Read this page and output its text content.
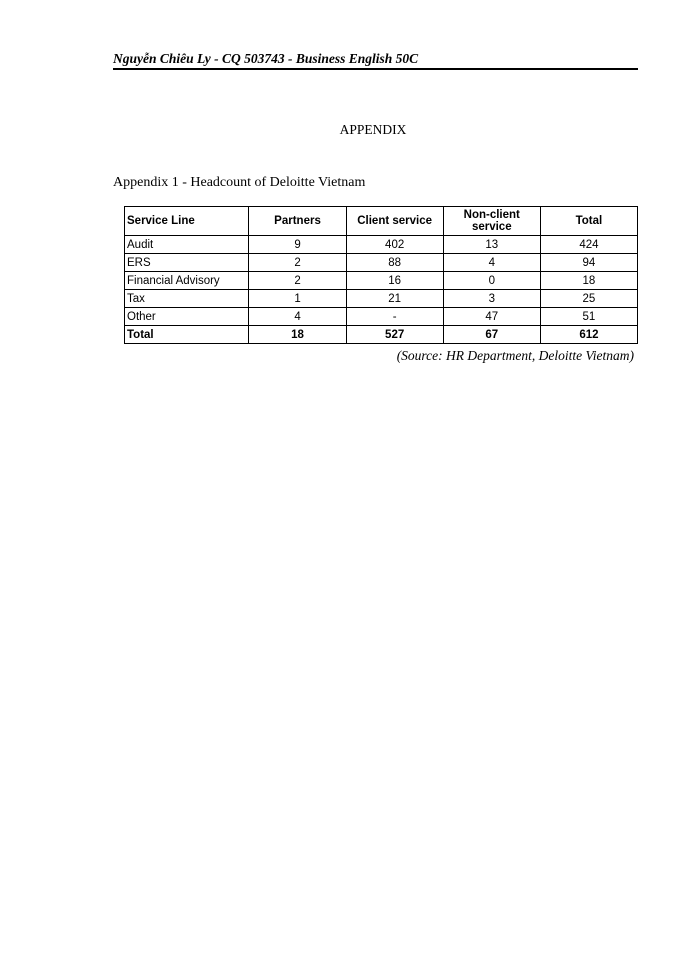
Nguyễn Chiêu Ly - CQ 503743 - Business English 50C
APPENDIX
Appendix 1 - Headcount of Deloitte Vietnam
Service Line	Partners	Client service	Non-client service	Total
Audit	9	402	13	424
ERS	2	88	4	94
Financial Advisory	2	16	0	18
Tax	1	21	3	25
Other	4	-	47	51
Total	18	527	67	612
(Source: HR Department, Deloitte Vietnam)
